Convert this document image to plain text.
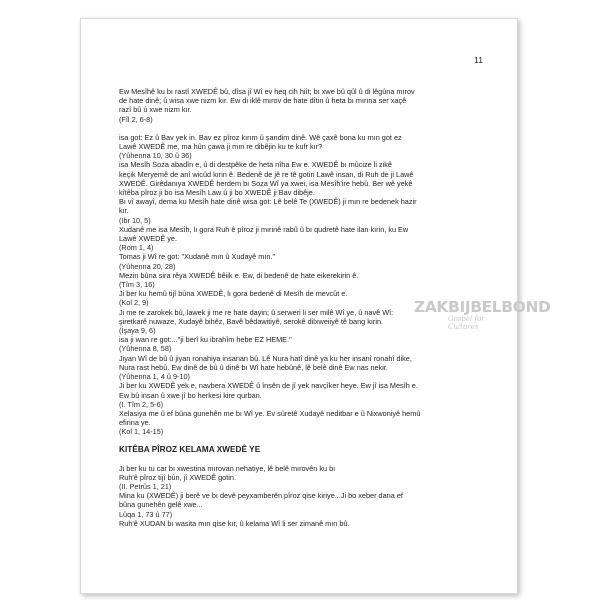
11

Ew Mesîhê ku bı rastî XWEDÊ bû, dîsa jî Wî ev heq cih hiît; bı xwe bû qûl û di lêgûna mırov

de hate dinê; û wisa xwe nizm kır. Ew di iklê mırov de hate dîtin û heta bı mırına ser xaçê

razî bû û xwe nizm kır.

(Fîl 2, 6-8)

isa got: Ez û Bav yek in. Bav ez pîroz kırım û şandim dinê. Wê çaxê bona ku mın got ez

Lawê XWEDÊ me, ma hûn çawa ji mın re dibêjin ku te kufr kır?

(Yûhenna 10, 30 û 36)

isa Mesîh Soza abadîn e, û di destpêke de heta nîha Ew e. XWEDÊ bı mûcize li zikê

keçik Meryemê de anî wicûd kırin ê. Bedenê de jê re tê gotin Lawê insan, di Ruh de ji Lawê

XWEDÊ. Girêdanıya XWEDÊ herdem bı Soza Wî ya xwei, isa Mesîh'ire hebû. Ber wê yekê

kîtêba pîroz ji bo isa Mesîh Law û ji bo XWEDÊ ji Bav dibêje.

Bı vî awayî, dema ku Mesîh hate dinê wisa got: Lê belê Te (XWEDÊ) ji mın re bedenek hazir

kır.

(Ibr 10, 5)

Xudanê me isa Mesîh, lı gora Ruh ê pîroz ji mırinê rabû û bı qudretê hate ilan kırin, ku Ew

Lawê XWEDÊ ye.

(Rom 1, 4)

Tomas ji Wî re got: "Xudanê mın û Xudayê mın."

(Yûhenna 20, 28)

Mezin bûna sira rêya XWEDÊ bêiik e. Ew, di bedenê de hate eikerekirin ê.

(Tîm 3, 16)

Ji ber ku hemû tijî bûna XWEDÊ, lı gora bedenê di Mesîh de mevcût e.

(Kol 2, 9)

Ji me re zarokek bû, lawek ji me re hate dayin; û serweri li ser milê Wî ye, û navê Wî:

şiretkarê nuwaze, Xudayê bihêz, Bavê bêdawitiyê, serokê dilxweiiyê tê bang kırin.

(İşaya 9, 6)

isa ji wan re got:..."ji berî ku ibrahîm hebe EZ HEME."

(Yûhenna 8, 58)

Jiyan Wî de bû û jiyan ronahiya insanan bû. Lê Nura hatî dinê ya ku her insanî ronahî dike,

Nura rast hebû. Ew dinê de bû û dinê bı Wî hate hebûnê, lê belê dinê Ew nas nekir.

(Yûhenna 1, 4 û 9-10)

Ji ber ku XWEDÊ yek e, navbera XWEDÊ û însên de jî yek navçîker heye. Ew jî isa Mesîh e.

Ew bû insan û xwe jî bo herkesi kire qurban.

(I. Tîm 2, 5-6)

Xelasiya me û ef bûna gunehên me bı Wî ye. Ev sûretê Xudayê neditbar e û Nixwoniyê hemû

efirina ye.

(Kol 1, 14-15)

KITÊBA PÎROZ KELAMA XWEDÊ YE

Ji ber ku tu car bı xwestina mırovan nehatiye, lê belê mırovên ku bı

Ruh'ê pîroz tijî bûn, jî XWEDÊ gotin.

(II. Petrûs 1, 21)

Mina ku (XWEDÊ) ji berê ve bı devê peyxamberên pîroz qise kiriye...Ji bo xeber dana ef

bûna gunehên gelê xwe...

Lûqa 1, 73 û 77)

Ruh'ê XUDAN bı wasita mın qise kır, û kelama Wî li ser zimanê mın bû.

ZAKBIJBELBOND
Gospel for Cultures
